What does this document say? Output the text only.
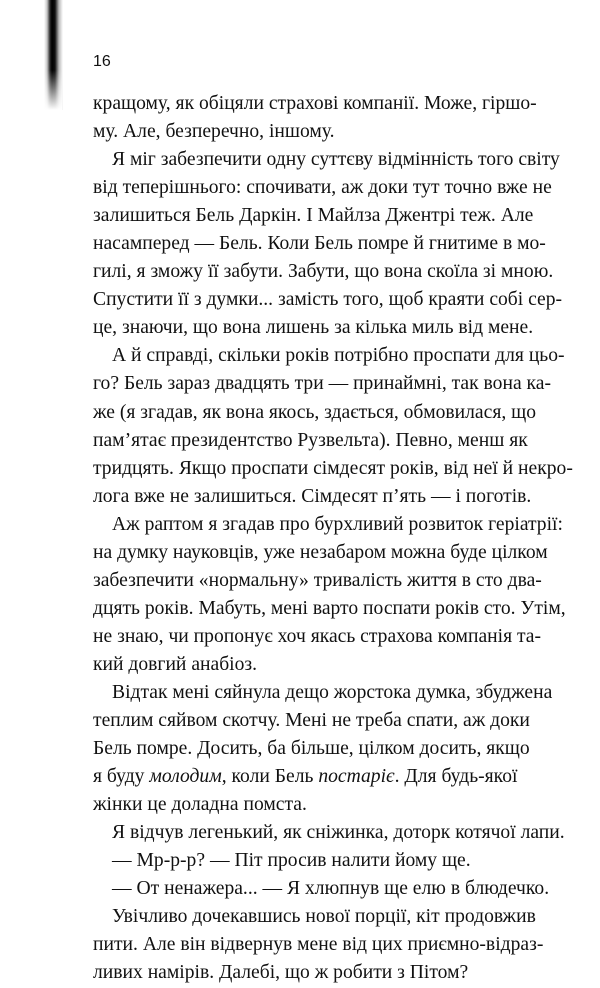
16
кращому, як обіцяли страхові компанії. Може, гіршо-
му. Але, безперечно, іншому.
Я міг забезпечити одну суттєву відмінність того світу
від теперішнього: спочивати, аж доки тут точно вже не
залишиться Бель Даркін. І Майлза Джентрі теж. Але
насамперед — Бель. Коли Бель помре й гнитиме в мо-
гилі, я зможу її забути. Забути, що вона скоїла зі мною.
Спустити її з думки... замість того, щоб краяти собі сер-
це, знаючи, що вона лишень за кілька миль від мене.
А й справді, скільки років потрібно проспати для цьо-
го? Бель зараз двадцять три — принаймні, так вона ка-
же (я згадав, як вона якось, здається, обмовилася, що
пам’ятає президентство Рузвельта). Певно, менш як
тридцять. Якщо проспати сімдесят років, від неї й некро-
лога вже не залишиться. Сімдесят п’ять — і поготів.
Аж раптом я згадав про бурхливий розвиток геріатрії:
на думку науковців, уже незабаром можна буде цілком
забезпечити «нормальну» тривалість життя в сто два-
дцять років. Мабуть, мені варто поспати років сто. Утім,
не знаю, чи пропонує хоч якась страхова компанія та-
кий довгий анабіоз.
Відтак мені сяйнула дещо жорстока думка, збуджена
теплим сяйвом скотчу. Мені не треба спати, аж доки
Бель помре. Досить, ба більше, цілком досить, якщо
я буду молодим, коли Бель постаріє. Для будь-якої
жінки це доладна помста.
Я відчув легенький, як сніжинка, доторк котячої лапи.
— Мр-р-р? — Піт просив налити йому ще.
— От ненажера... — Я хлюпнув ще елю в блюдечко.
Увічливо дочекавшись нової порції, кіт продовжив
пити. Але він відвернув мене від цих приємно-відраз-
ливих намірів. Далебі, що ж робити з Пітом?
